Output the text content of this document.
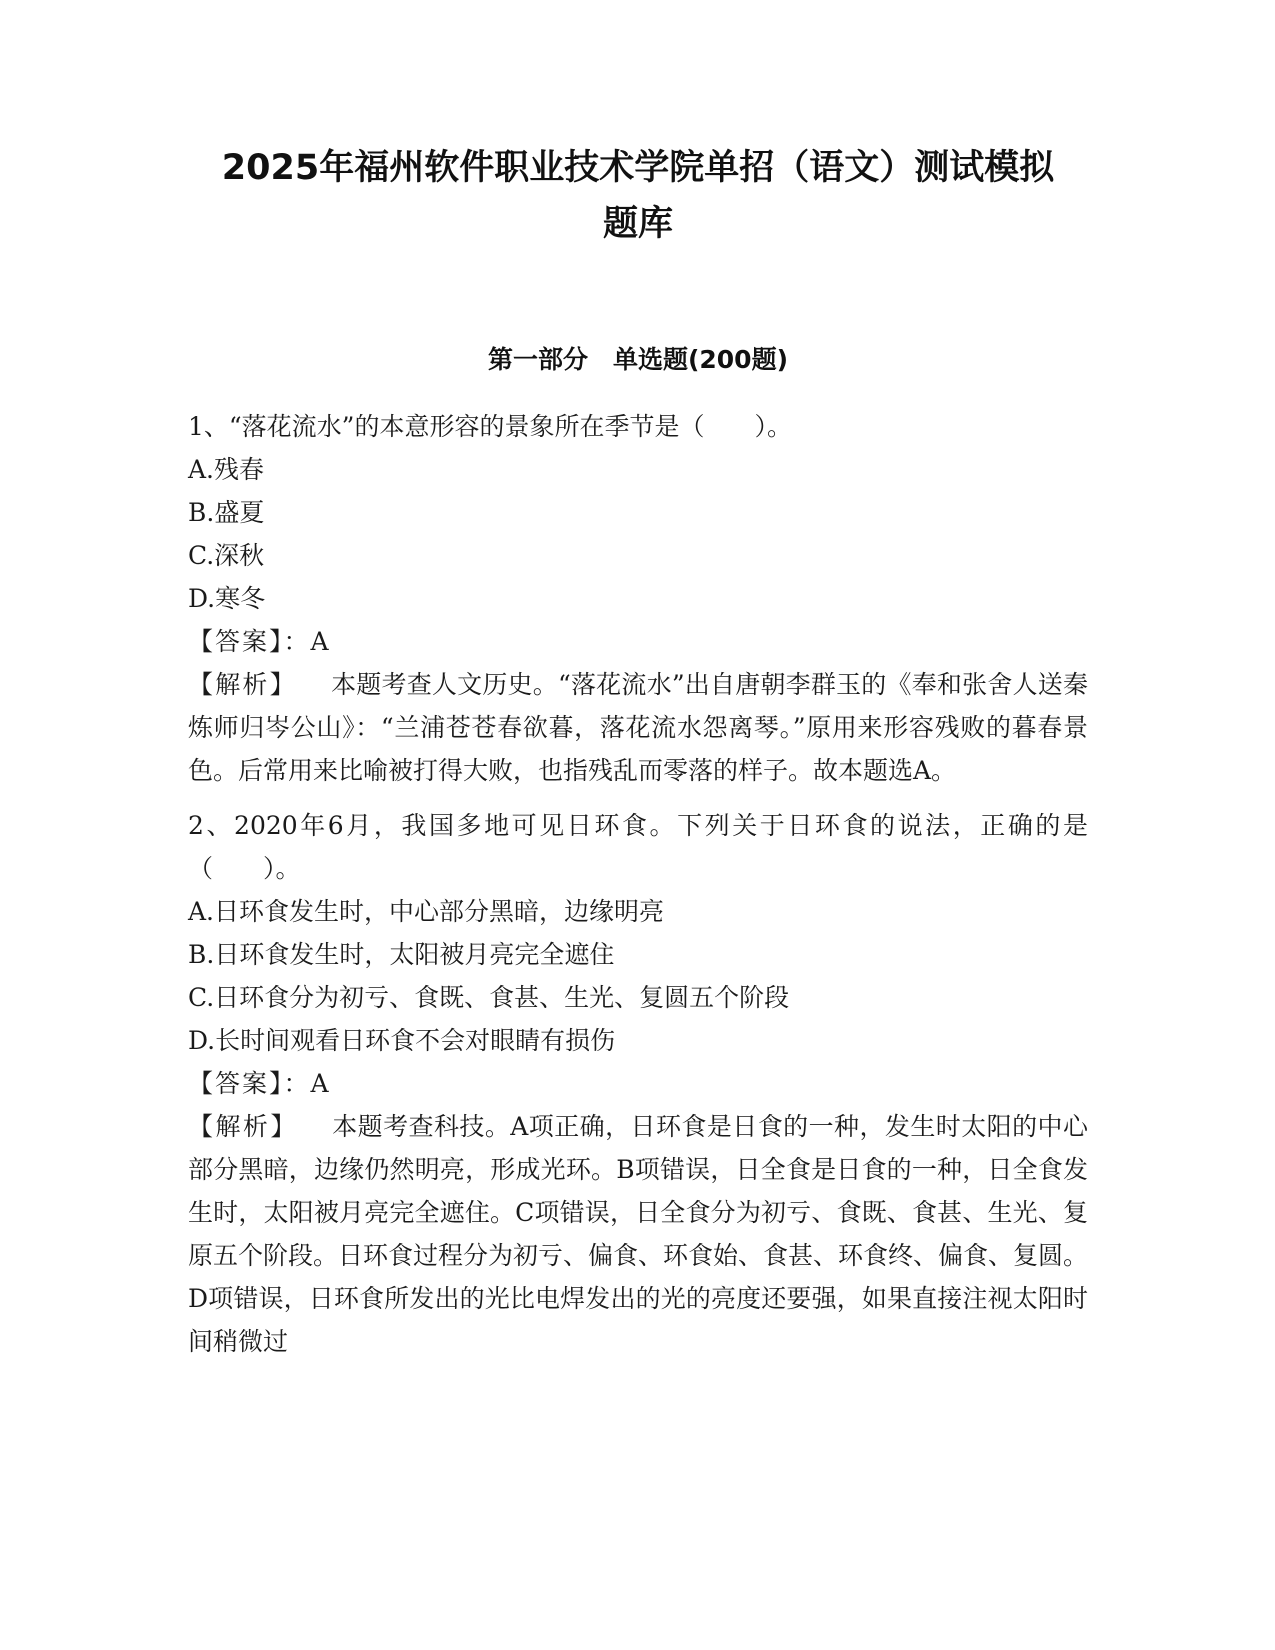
2025年福州软件职业技术学院单招（语文）测试模拟
题库
第一部分　单选题(200题)

1、“落花流水”的本意形容的景象所在季节是（　　）。

A.残春

B.盛夏

C.深秋

D.寒冬

【答案】：A

【解析】 本题考查人文历史。“落花流水”出自唐朝李群玉的《奉和张舍人送秦炼师归岑公山》：“兰浦苍苍春欲暮，落花流水怨离琴。”原用来形容残败的暮春景色。后常用来比喻被打得大败，也指残乱而零落的样子。故本题选A。

2、2020年6月，我国多地可见日环食。下列关于日环食的说法，正确的是（　　）。

A.日环食发生时，中心部分黑暗，边缘明亮

B.日环食发生时，太阳被月亮完全遮住

C.日环食分为初亏、食既、食甚、生光、复圆五个阶段

D.长时间观看日环食不会对眼睛有损伤

【答案】：A

【解析】 本题考查科技。A项正确，日环食是日食的一种，发生时太阳的中心部分黑暗，边缘仍然明亮，形成光环。B项错误，日全食是日食的一种，日全食发生时，太阳被月亮完全遮住。C项错误，日全食分为初亏、食既、食甚、生光、复原五个阶段。日环食过程分为初亏、偏食、环食始、食甚、环食终、偏食、复圆。D项错误，日环食所发出的光比电焊发出的光的亮度还要强，如果直接注视太阳时间稍微过
